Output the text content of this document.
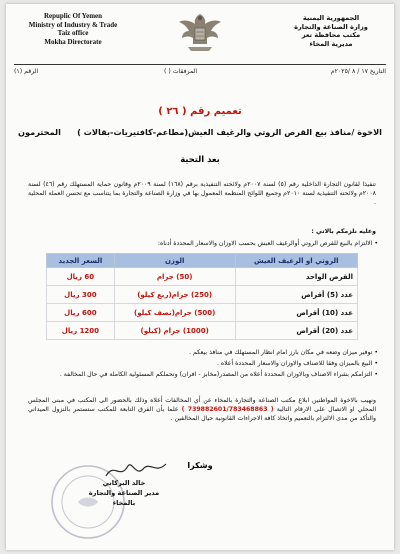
Repuplic Of Yemen
Ministry of Industry & Trade
Taiz office
Mokha Directorate
الجمهورية اليمنية
وزارة الصناعة والتجارة
مكتب محافظة تعز
مديرية المخاء
التاريخ ١٧ / ٨ /٢٠٢٥م
المرفقات ( )
الرقم (١)
تعميم رقم ( ٢٦ )
الاخوة /منافذ بيع القرص الروتي والرغيف العيش(مطاعم-كافتيريات-بقالات )
المحترمون
بعد التحية
تنفيذا لقانون التجارة الداخلية رقم (٥) لسنة ٢٠٠٧م ولائحته التنفيذية برقم (١٦٨) لسنة ٢٠٠٩م وقانون حماية المستهلك رقم (٤٦) لسنة ٢٠٠٨م ولائحته التنفيذية لسنة ٢٠١٠م وجميع اللوائح المنظمة المعمول بها في وزارة الصناعة والتجارة بما يتناسب مع تحسن العملة المحلية .
وعليه نلزمكم بالاتي :
• الالتزام بالبيع للقرص الروتي أوالرغيف العيش بحسب الاوزان والاسعار المحددة أدناه:
الروتي او الرغيف العيش	الوزن	السعر الجديد
القرص الواحد	(50) جرام	60 ريال
عدد (5) أقراص	(250) جرام(ربع كيلو)	300 ريال
عدد (10) أقراص	(500) جرام(نصف كيلو)	600 ريال
عدد (20) أقراص	(1000) جرام (كيلو)	1200 ريال
• توفير ميزان وضعه في مكان بارز امام انظار المستهلك في منافذ بيعكم .
• البيع بالميزان وفقا للاصناف والاوزان والاسعار المحددة أعلاه .
• التزامكم بشراء الاصناف وبالاوزان المحددة أعلاه من المصدر(مخابز - افران) وتحملكم المسئولية الكاملة في حال المخالفة .
ونهيب بالاخوة المواطنين ابلاغ مكتب الصناعة والتجارة بالمخاء عن أي المخالفات أعلاه وذلك بالحضور الى المكتب في مبنى المجلس المحلي او الاتصال على الارقام التالية ( 739882601/783468863 ) علما بأن الفرق التابعة للمكتب ستستمر بالنزول الميداني والتأكد من مدى الالتزام بالتعميم واتخاذ كافة الاجراءات القانونية حيال المخالفين .
وشكرا
خالد البركاني
مدير الصناعة والتجارة بالمخاء
